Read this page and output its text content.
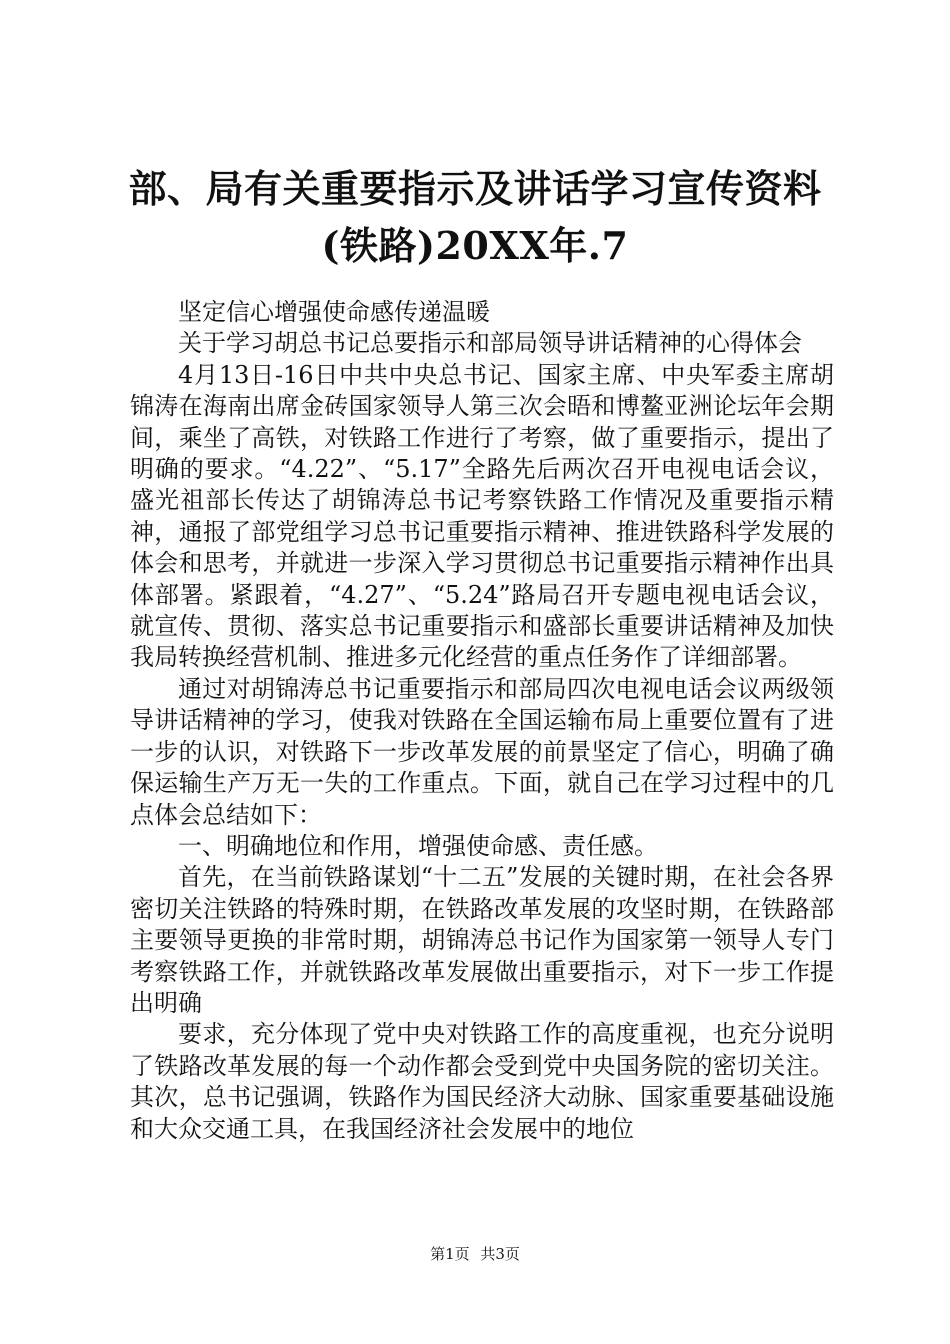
部、局有关重要指示及讲话学习宣传资料(铁路)20XX年.7

坚定信心增强使命感传递温暖

关于学习胡总书记总要指示和部局领导讲话精神的心得体会

4月13日-16日中共中央总书记、国家主席、中央军委主席胡锦涛在海南出席金砖国家领导人第三次会晤和博鳌亚洲论坛年会期间，乘坐了高铁，对铁路工作进行了考察，做了重要指示，提出了明确的要求。“4.22”、“5.17”全路先后两次召开电视电话会议，盛光祖部长传达了胡锦涛总书记考察铁路工作情况及重要指示精神，通报了部党组学习总书记重要指示精神、推进铁路科学发展的体会和思考，并就进一步深入学习贯彻总书记重要指示精神作出具体部署。紧跟着，“4.27”、“5.24”路局召开专题电视电话会议，就宣传、贯彻、落实总书记重要指示和盛部长重要讲话精神及加快我局转换经营机制、推进多元化经营的重点任务作了详细部署。

通过对胡锦涛总书记重要指示和部局四次电视电话会议两级领导讲话精神的学习，使我对铁路在全国运输布局上重要位置有了进一步的认识，对铁路下一步改革发展的前景坚定了信心，明确了确保运输生产万无一失的工作重点。下面，就自己在学习过程中的几点体会总结如下：

一、明确地位和作用，增强使命感、责任感。

首先，在当前铁路谋划“十二五”发展的关键时期，在社会各界密切关注铁路的特殊时期，在铁路改革发展的攻坚时期，在铁路部主要领导更换的非常时期，胡锦涛总书记作为国家第一领导人专门考察铁路工作，并就铁路改革发展做出重要指示，对下一步工作提出明确

要求，充分体现了党中央对铁路工作的高度重视，也充分说明了铁路改革发展的每一个动作都会受到党中央国务院的密切关注。其次，总书记强调，铁路作为国民经济大动脉、国家重要基础设施和大众交通工具，在我国经济社会发展中的地位

第1页 共3页
